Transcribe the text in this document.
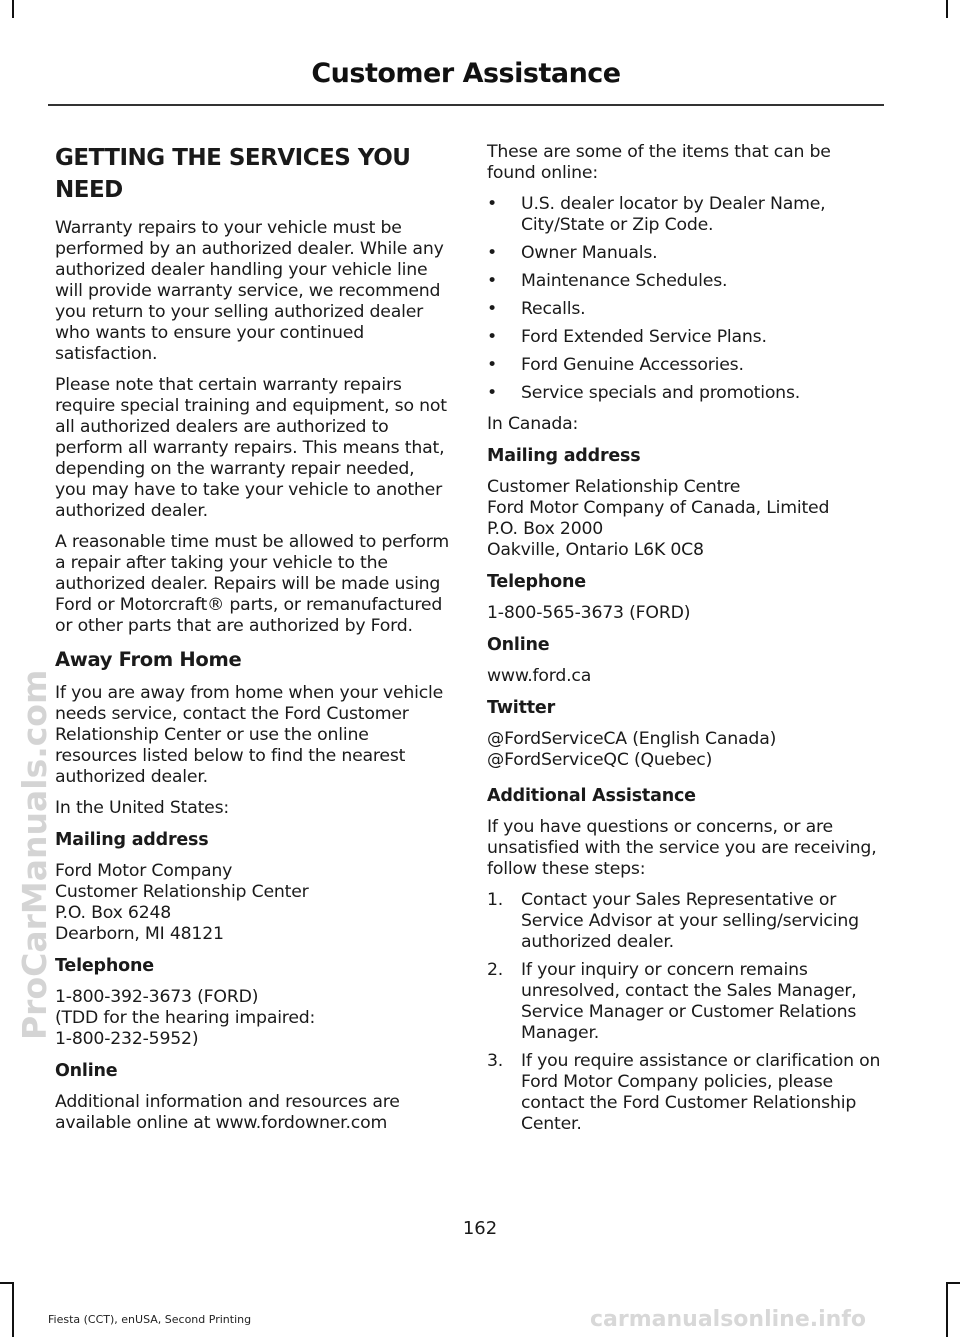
ProCarManuals.com
Customer Assistance
GETTING THE SERVICES YOU NEED

Warranty repairs to your vehicle must be performed by an authorized dealer. While any authorized dealer handling your vehicle line will provide warranty service, we recommend you return to your selling authorized dealer who wants to ensure your continued satisfaction.

Please note that certain warranty repairs require special training and equipment, so not all authorized dealers are authorized to perform all warranty repairs. This means that, depending on the warranty repair needed, you may have to take your vehicle to another authorized dealer.

A reasonable time must be allowed to perform a repair after taking your vehicle to the authorized dealer. Repairs will be made using Ford or Motorcraft® parts, or remanufactured or other parts that are authorized by Ford.

Away From Home

If you are away from home when your vehicle needs service, contact the Ford Customer Relationship Center or use the online resources listed below to find the nearest authorized dealer.

In the United States:

Mailing address

Ford Motor Company
Customer Relationship Center
P.O. Box 6248
Dearborn, MI 48121

Telephone

1-800-392-3673 (FORD)
(TDD for the hearing impaired:
1-800-232-5952)

Online

Additional information and resources are available online at www.fordowner.com

These are some of the items that can be found online:

• U.S. dealer locator by Dealer Name, City/State or Zip Code.
• Owner Manuals.
• Maintenance Schedules.
• Recalls.
• Ford Extended Service Plans.
• Ford Genuine Accessories.
• Service specials and promotions.

In Canada:

Mailing address

Customer Relationship Centre
Ford Motor Company of Canada, Limited
P.O. Box 2000
Oakville, Ontario L6K 0C8

Telephone

1-800-565-3673 (FORD)

Online

www.ford.ca

Twitter

@FordServiceCA (English Canada)
@FordServiceQC (Quebec)

Additional Assistance

If you have questions or concerns, or are unsatisfied with the service you are receiving, follow these steps:

1. Contact your Sales Representative or Service Advisor at your selling/servicing authorized dealer.
2. If your inquiry or concern remains unresolved, contact the Sales Manager, Service Manager or Customer Relations Manager.
3. If you require assistance or clarification on Ford Motor Company policies, please contact the Ford Customer Relationship Center.
162
Fiesta (CCT), enUSA, Second Printing	carmanualsonline.info
